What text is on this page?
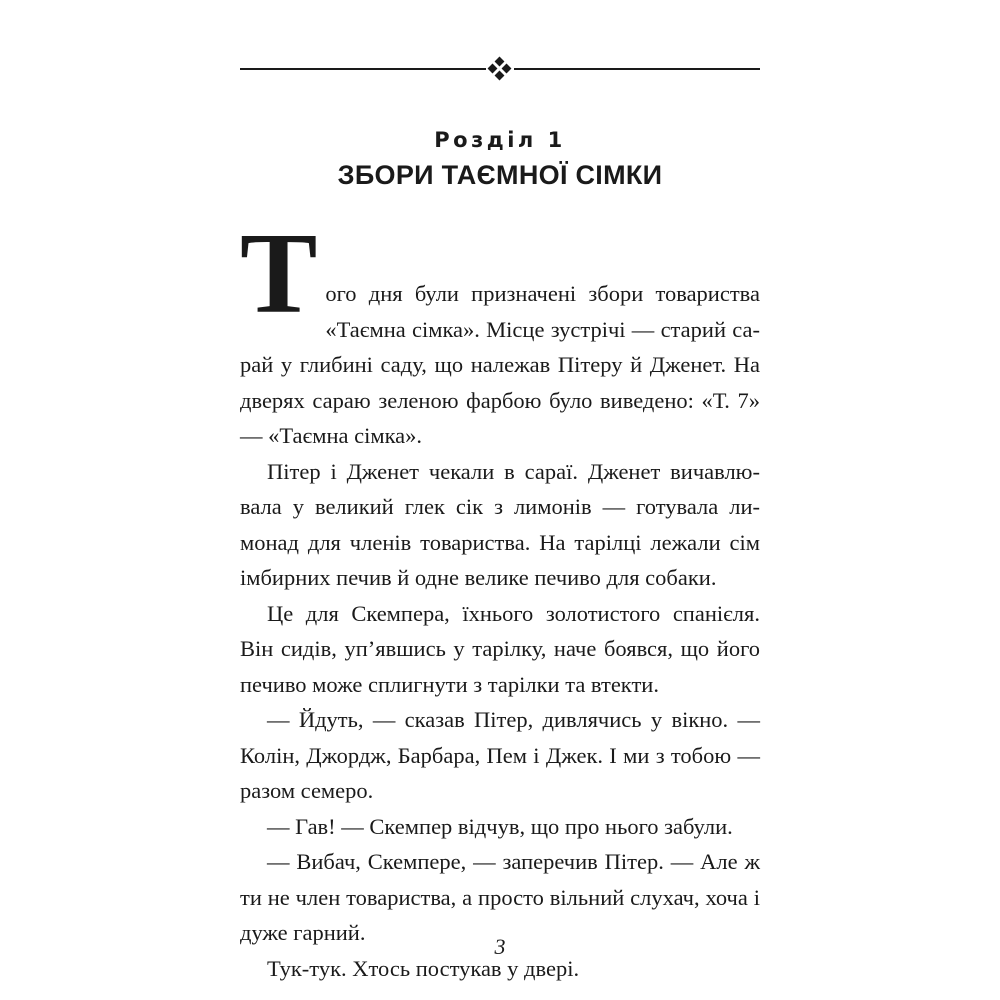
Розділ 1
ЗБОРИ ТАЄМНОЇ СІМКИ

Того дня були призначені збори товариства «Таємна сімка». Місце зустрічі — старий сарай у глибині саду, що належав Пітеру й Дженет. На дверях сараю зеленою фарбою було виведено: «Т. 7» — «Таємна сімка».

Пітер і Дженет чекали в сараї. Дженет вичавлювала у великий глек сік з лимонів — готувала лимонад для членів товариства. На тарілці лежали сім імбирних печив й одне велике печиво для собаки.

Це для Скемпера, їхнього золотистого спанієля. Він сидів, уп’явшись у тарілку, наче боявся, що його печиво може сплигнути з тарілки та втекти.

— Йдуть, — сказав Пітер, дивлячись у вікно. — Колін, Джордж, Барбара, Пем і Джек. І ми з тобою — разом семеро.

— Гав! — Скемпер відчув, що про нього забули.

— Вибач, Скемпере, — заперечив Пітер. — Але ж ти не член товариства, а просто вільний слухач, хоча і дуже гарний.

Тук-тук. Хтось постукав у двері.

3
